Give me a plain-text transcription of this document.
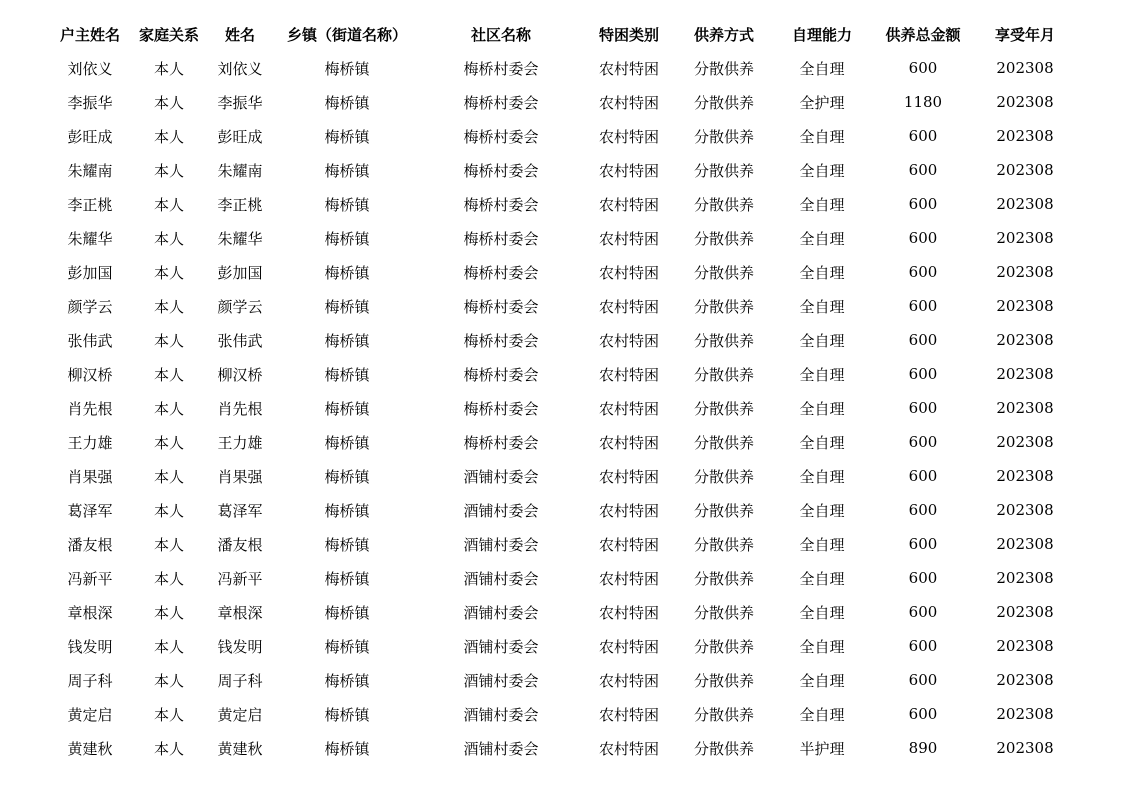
户主姓名	家庭关系	姓名	乡镇（街道名称）	社区名称	特困类别	供养方式	自理能力	供养总金额	享受年月
刘依义	本人	刘依义	梅桥镇	梅桥村委会	农村特困	分散供养	全自理	600	202308
李振华	本人	李振华	梅桥镇	梅桥村委会	农村特困	分散供养	全护理	1180	202308
彭旺成	本人	彭旺成	梅桥镇	梅桥村委会	农村特困	分散供养	全自理	600	202308
朱耀南	本人	朱耀南	梅桥镇	梅桥村委会	农村特困	分散供养	全自理	600	202308
李正桃	本人	李正桃	梅桥镇	梅桥村委会	农村特困	分散供养	全自理	600	202308
朱耀华	本人	朱耀华	梅桥镇	梅桥村委会	农村特困	分散供养	全自理	600	202308
彭加国	本人	彭加国	梅桥镇	梅桥村委会	农村特困	分散供养	全自理	600	202308
颜学云	本人	颜学云	梅桥镇	梅桥村委会	农村特困	分散供养	全自理	600	202308
张伟武	本人	张伟武	梅桥镇	梅桥村委会	农村特困	分散供养	全自理	600	202308
柳汉桥	本人	柳汉桥	梅桥镇	梅桥村委会	农村特困	分散供养	全自理	600	202308
肖先根	本人	肖先根	梅桥镇	梅桥村委会	农村特困	分散供养	全自理	600	202308
王力雄	本人	王力雄	梅桥镇	梅桥村委会	农村特困	分散供养	全自理	600	202308
肖果强	本人	肖果强	梅桥镇	酒铺村委会	农村特困	分散供养	全自理	600	202308
葛泽军	本人	葛泽军	梅桥镇	酒铺村委会	农村特困	分散供养	全自理	600	202308
潘友根	本人	潘友根	梅桥镇	酒铺村委会	农村特困	分散供养	全自理	600	202308
冯新平	本人	冯新平	梅桥镇	酒铺村委会	农村特困	分散供养	全自理	600	202308
章根深	本人	章根深	梅桥镇	酒铺村委会	农村特困	分散供养	全自理	600	202308
钱发明	本人	钱发明	梅桥镇	酒铺村委会	农村特困	分散供养	全自理	600	202308
周子科	本人	周子科	梅桥镇	酒铺村委会	农村特困	分散供养	全自理	600	202308
黄定启	本人	黄定启	梅桥镇	酒铺村委会	农村特困	分散供养	全自理	600	202308
黄建秋	本人	黄建秋	梅桥镇	酒铺村委会	农村特困	分散供养	半护理	890	202308
